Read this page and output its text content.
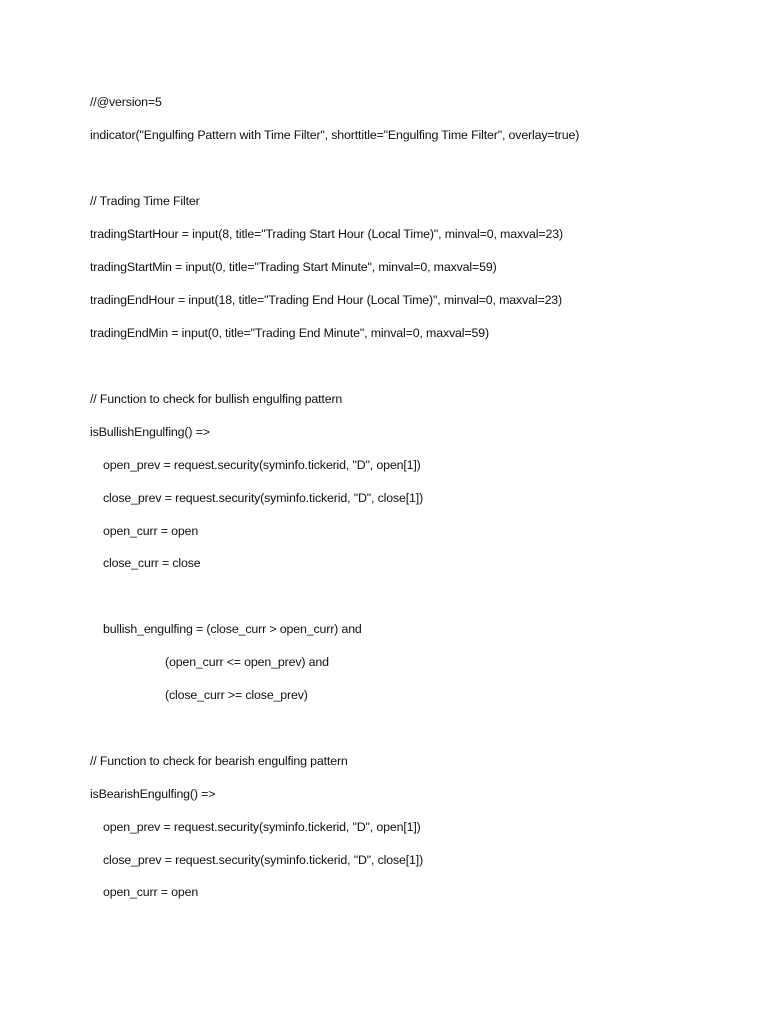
//@version=5
indicator("Engulfing Pattern with Time Filter", shorttitle="Engulfing Time Filter", overlay=true)
// Trading Time Filter
tradingStartHour = input(8, title="Trading Start Hour (Local Time)", minval=0, maxval=23)
tradingStartMin = input(0, title="Trading Start Minute", minval=0, maxval=59)
tradingEndHour = input(18, title="Trading End Hour (Local Time)", minval=0, maxval=23)
tradingEndMin = input(0, title="Trading End Minute", minval=0, maxval=59)
// Function to check for bullish engulfing pattern
isBullishEngulfing() =>
open_prev = request.security(syminfo.tickerid, "D", open[1])
close_prev = request.security(syminfo.tickerid, "D", close[1])
open_curr = open
close_curr = close
bullish_engulfing = (close_curr > open_curr) and
(open_curr <= open_prev) and
(close_curr >= close_prev)
// Function to check for bearish engulfing pattern
isBearishEngulfing() =>
open_prev = request.security(syminfo.tickerid, "D", open[1])
close_prev = request.security(syminfo.tickerid, "D", close[1])
open_curr = open
